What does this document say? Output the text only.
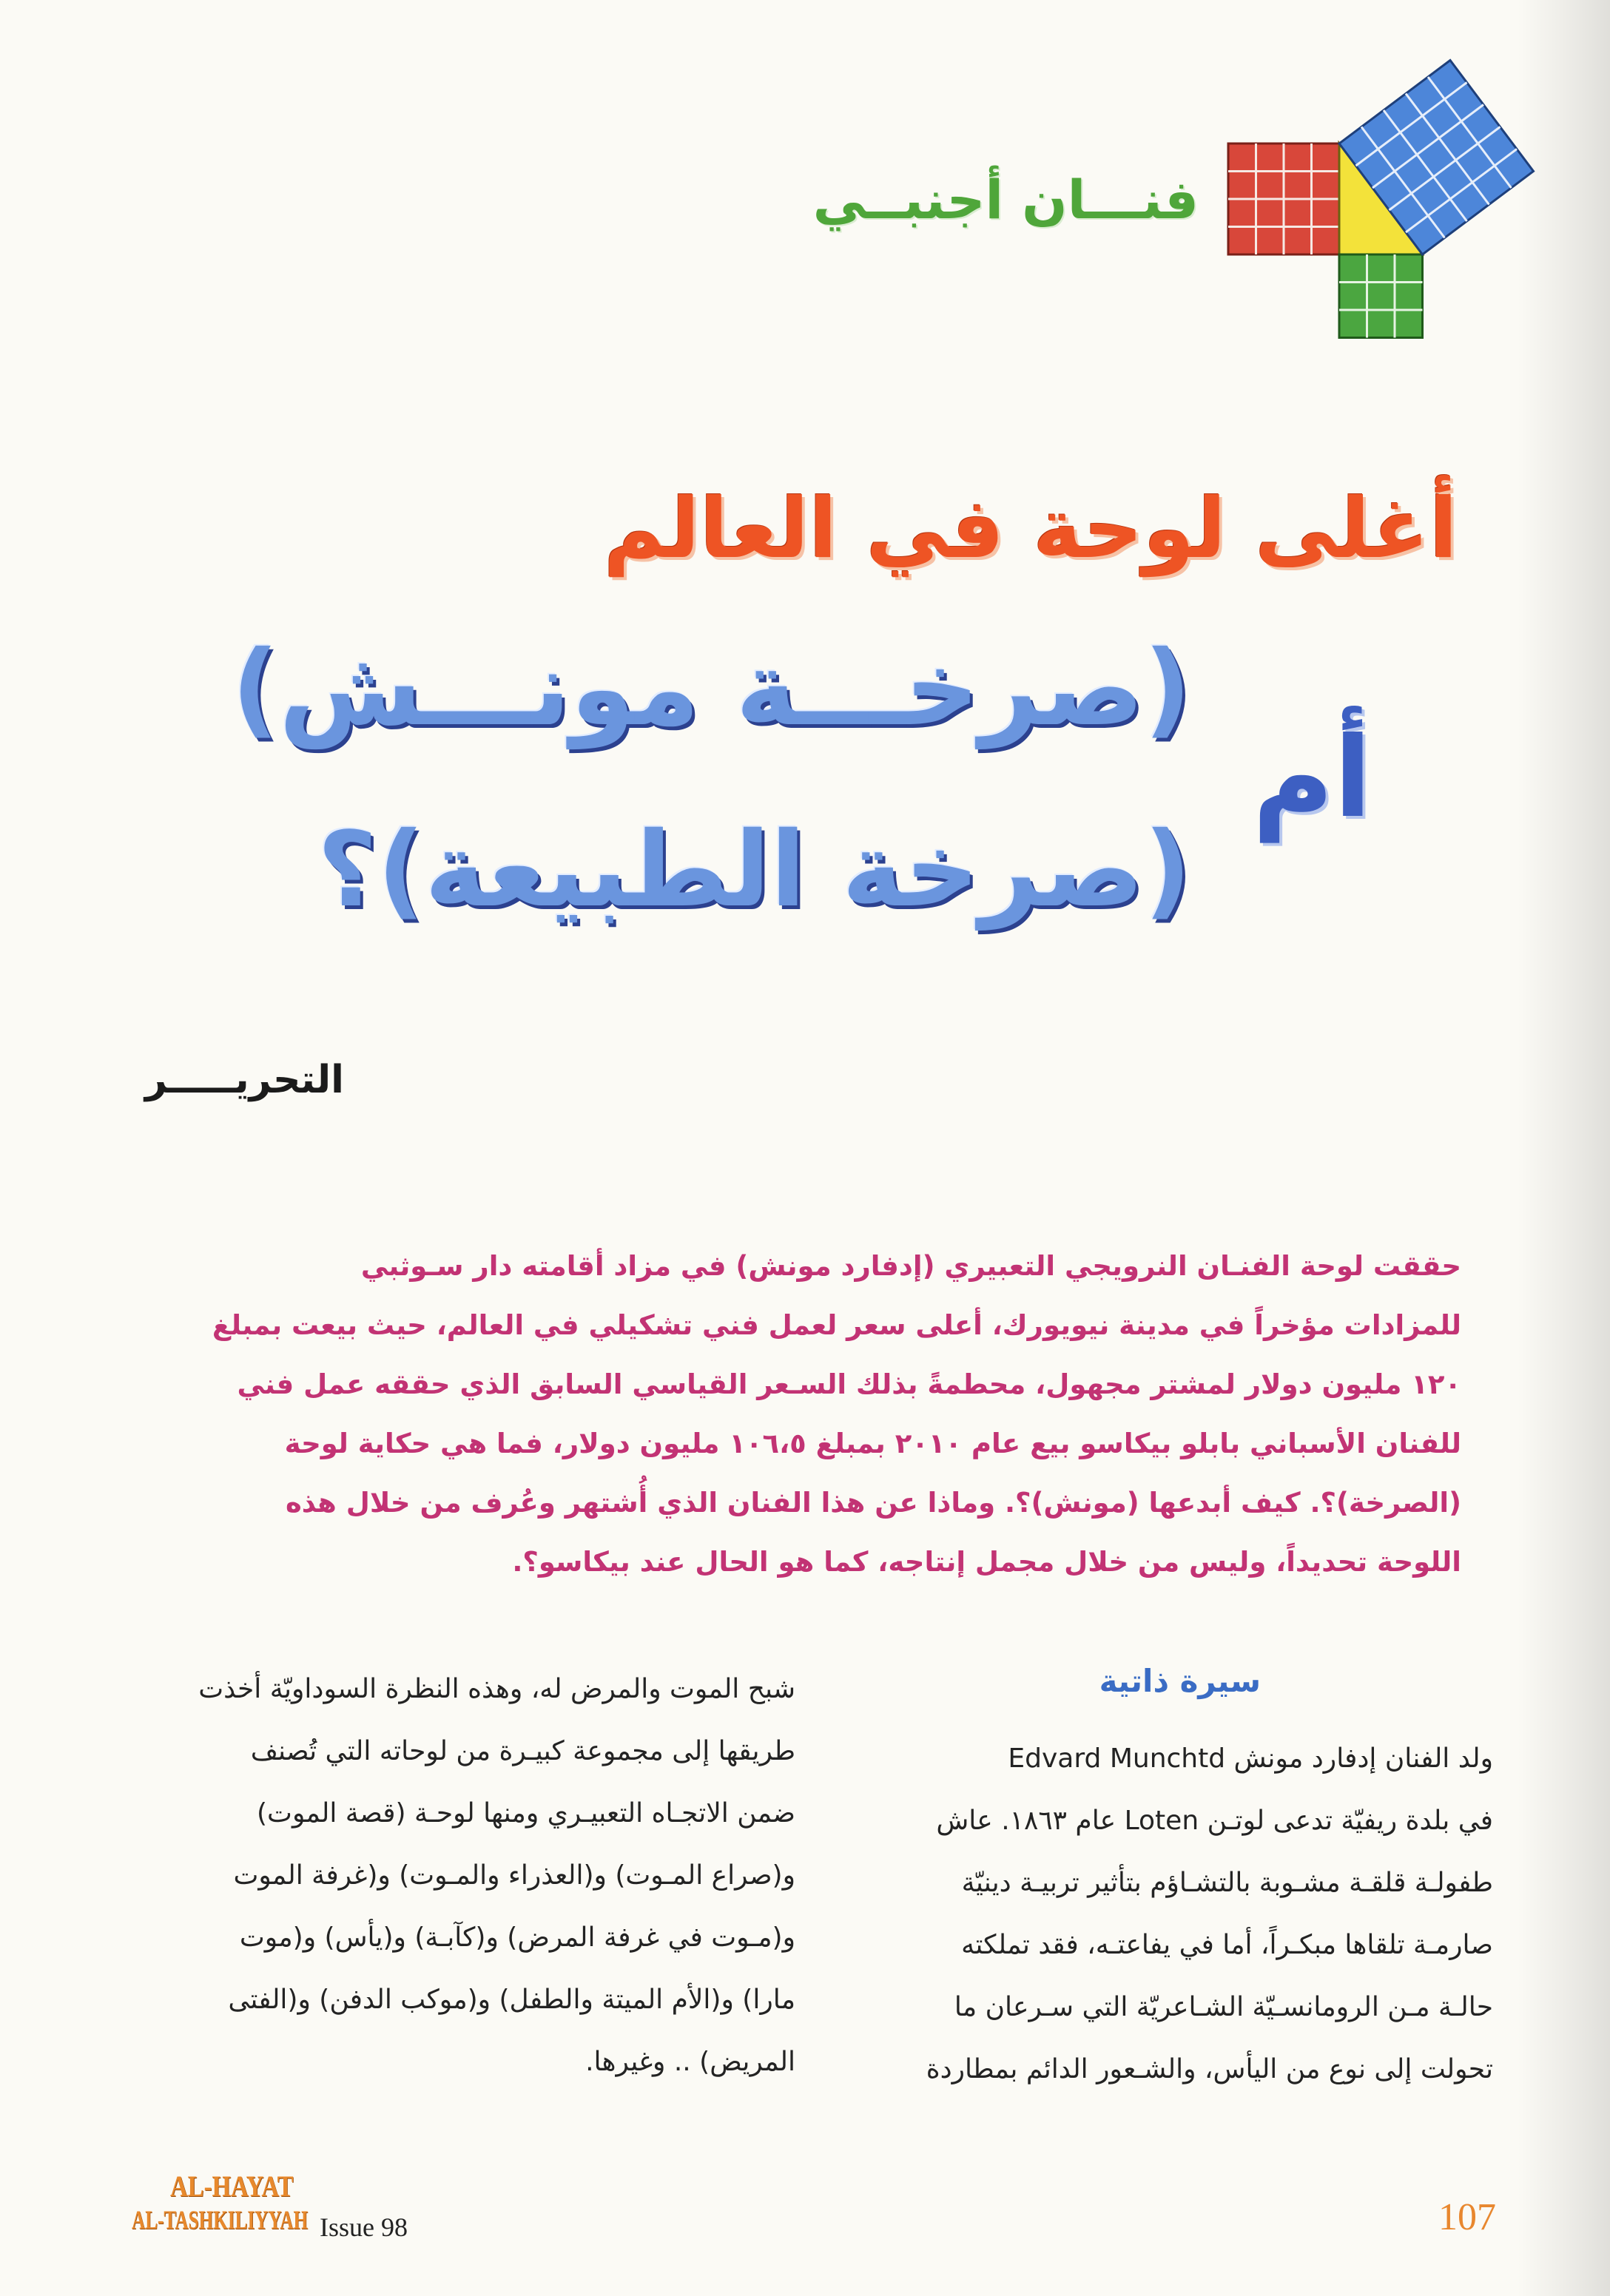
فنـــان أجنبــي
أغلى لوحة في العالم
أم
(صرخـــة مونـــش)
(صرخة الطبيعة)؟
التحريـــــر
حققت لوحة الفنـان النرويجي التعبيري (إدفارد مونش) في مزاد أقامته دار سـوثبي
للمزادات مؤخراً في مدينة نيويورك، أعلى سعر لعمل فني تشكيلي في العالم، حيث بيعت بمبلغ
١٢٠ مليون دولار لمشتر مجهول، محطمةً بذلك السـعر القياسي السابق الذي حققه عمل فني
للفنان الأسباني بابلو بيكاسو بيع عام ٢٠١٠ بمبلغ ١٠٦،٥ مليون دولار، فما هي حكاية لوحة
(الصرخة)؟. كيف أبدعها (مونش)؟. وماذا عن هذا الفنان الذي أُشتهر وعُرف من خلال هذه
اللوحة تحديداً، وليس من خلال مجمل إنتاجه، كما هو الحال عند بيكاسو؟.
سيرة ذاتية
ولد الفنان إدفارد مونش Edvard Munchtd
في بلدة ريفيّة تدعى لوتـن Loten عام ١٨٦٣. عاش
طفولـة قلقـة مشـوبة بالتشـاؤم بتأثير تربيـة دينيّة
صارمـة تلقاها مبكـراً، أما في يفاعتـه، فقد تملكته
حالـة مـن الرومانسـيّة الشـاعريّة التي سـرعان ما
تحولت إلى نوع من اليأس، والشـعور الدائم بمطاردة
شبح الموت والمرض له، وهذه النظرة السوداويّة أخذت
طريقها إلى مجموعة كبيـرة من لوحاته التي تُصنف
ضمن الاتجـاه التعبيـري ومنها لوحـة (قصة الموت)
و(صراع المـوت) و(العذراء والمـوت) و(غرفة الموت
و(مـوت في غرفة المرض) و(كآبـة) و(يأس) و(موت
مارا) و(الأم الميتة والطفل) و(موكب الدفن) و(الفتى
المريض) .. وغيرها.
AL-HAYAT
AL-TASHKILIYYAH Issue 98	107
